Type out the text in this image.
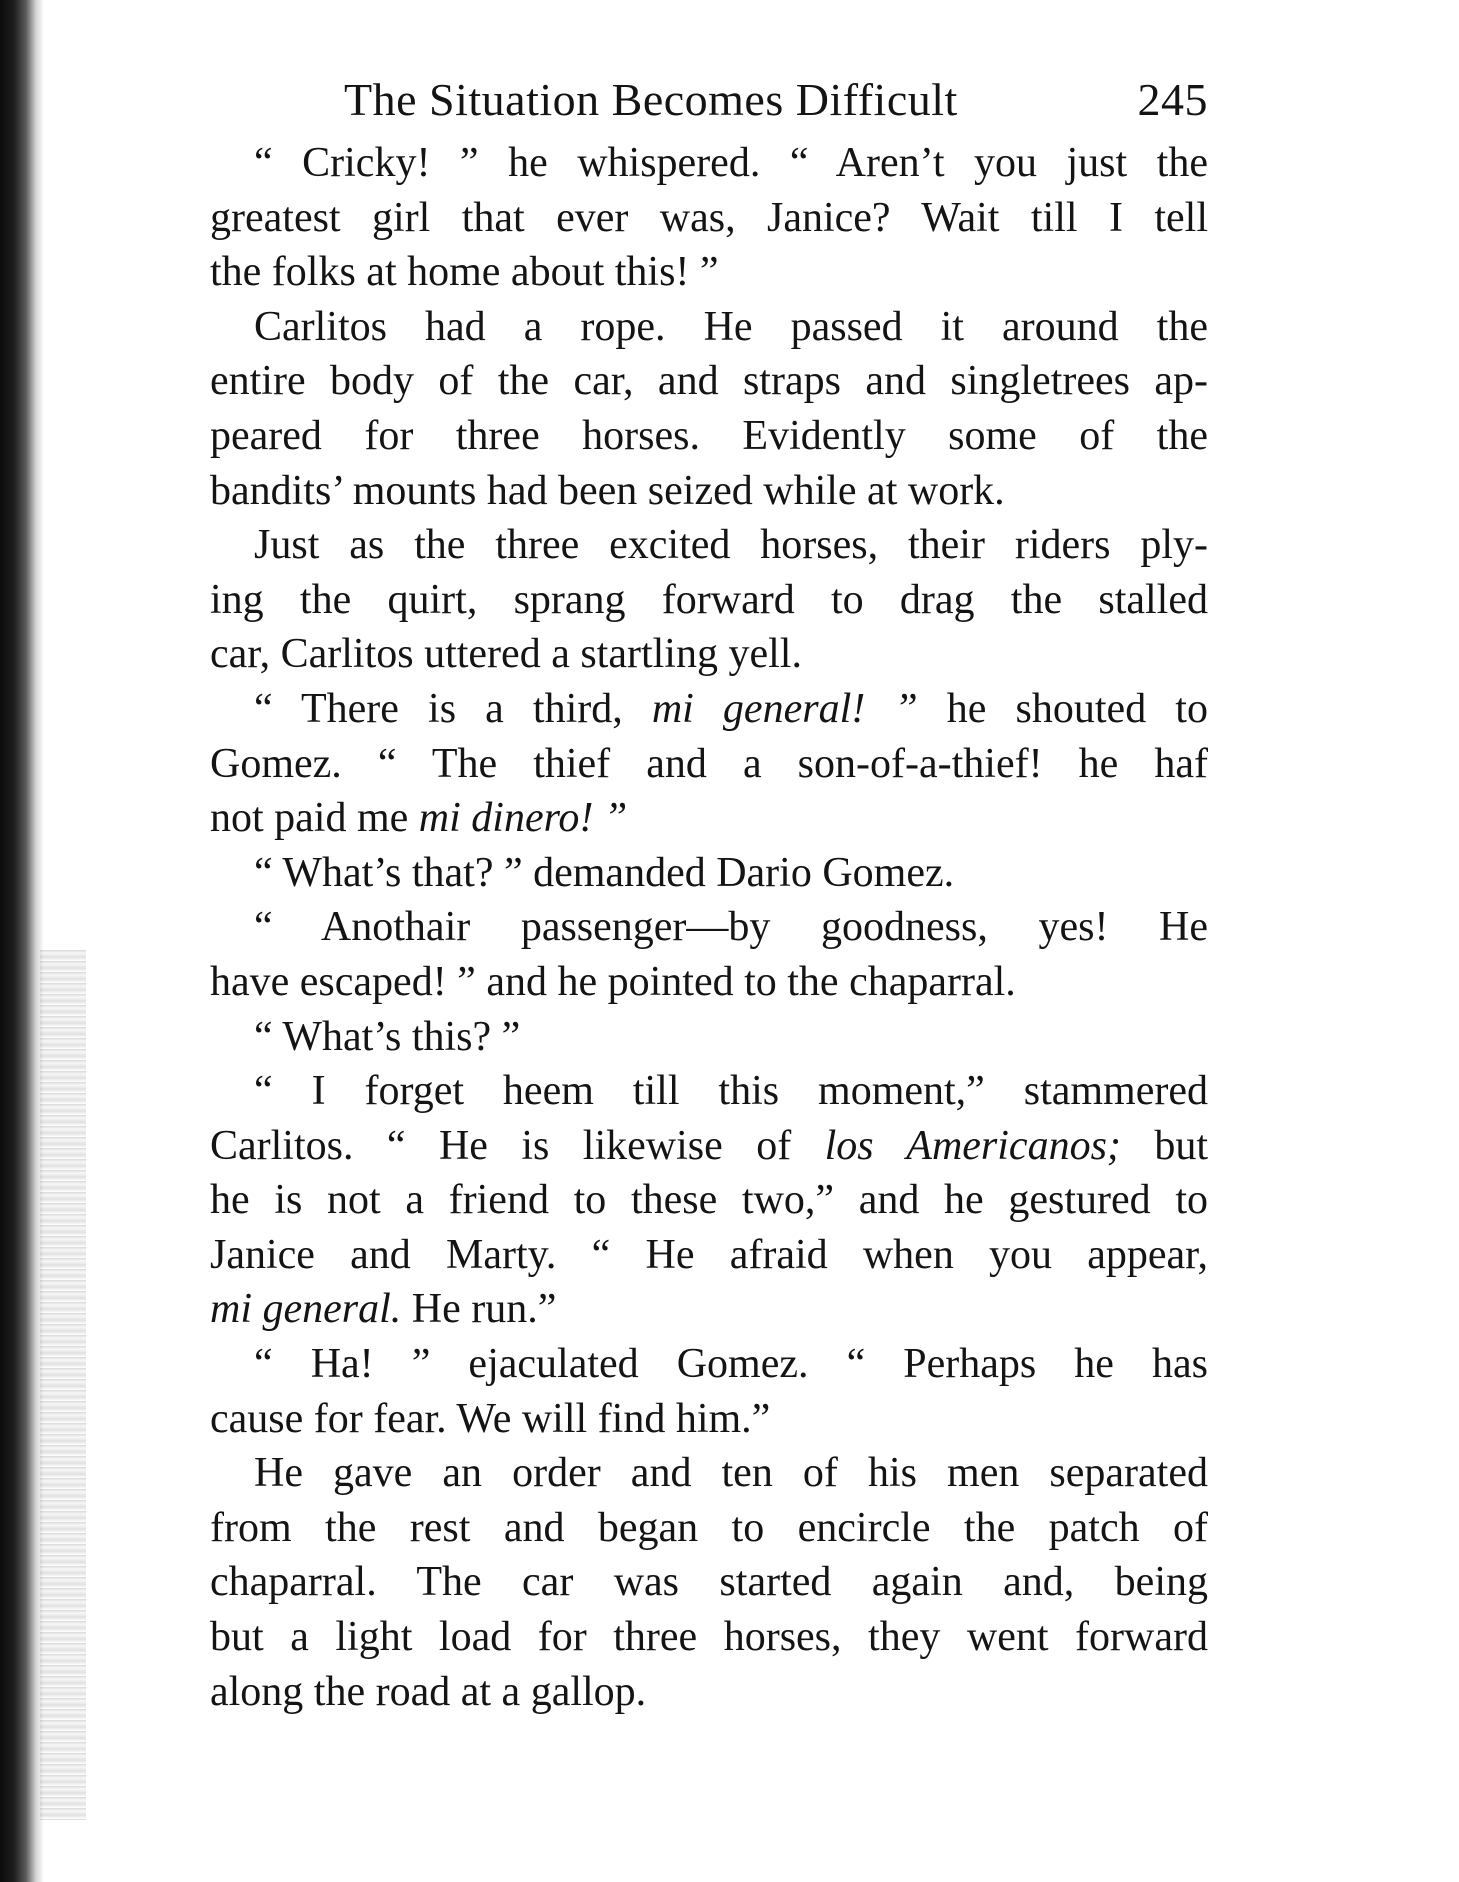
The Situation Becomes Difficult	245
“ Cricky! ” he whispered. “ Aren’t you just the
greatest girl that ever was, Janice? Wait till I tell
the folks at home about this! ”
Carlitos had a rope. He passed it around the
entire body of the car, and straps and singletrees ap-
peared for three horses. Evidently some of the
bandits’ mounts had been seized while at work.
Just as the three excited horses, their riders ply-
ing the quirt, sprang forward to drag the stalled
car, Carlitos uttered a startling yell.
“ There is a third, mi general! ” he shouted to
Gomez. “ The thief and a son-of-a-thief! he haf
not paid me mi dinero! ”
“ What’s that? ” demanded Dario Gomez.
“ Anothair passenger—by goodness, yes! He
have escaped! ” and he pointed to the chaparral.
“ What’s this? ”
“ I forget heem till this moment,” stammered
Carlitos. “ He is likewise of los Americanos; but
he is not a friend to these two,” and he gestured to
Janice and Marty. “ He afraid when you appear,
mi general. He run.”
“ Ha! ” ejaculated Gomez. “ Perhaps he has
cause for fear. We will find him.”
He gave an order and ten of his men separated
from the rest and began to encircle the patch of
chaparral. The car was started again and, being
but a light load for three horses, they went forward
along the road at a gallop.
